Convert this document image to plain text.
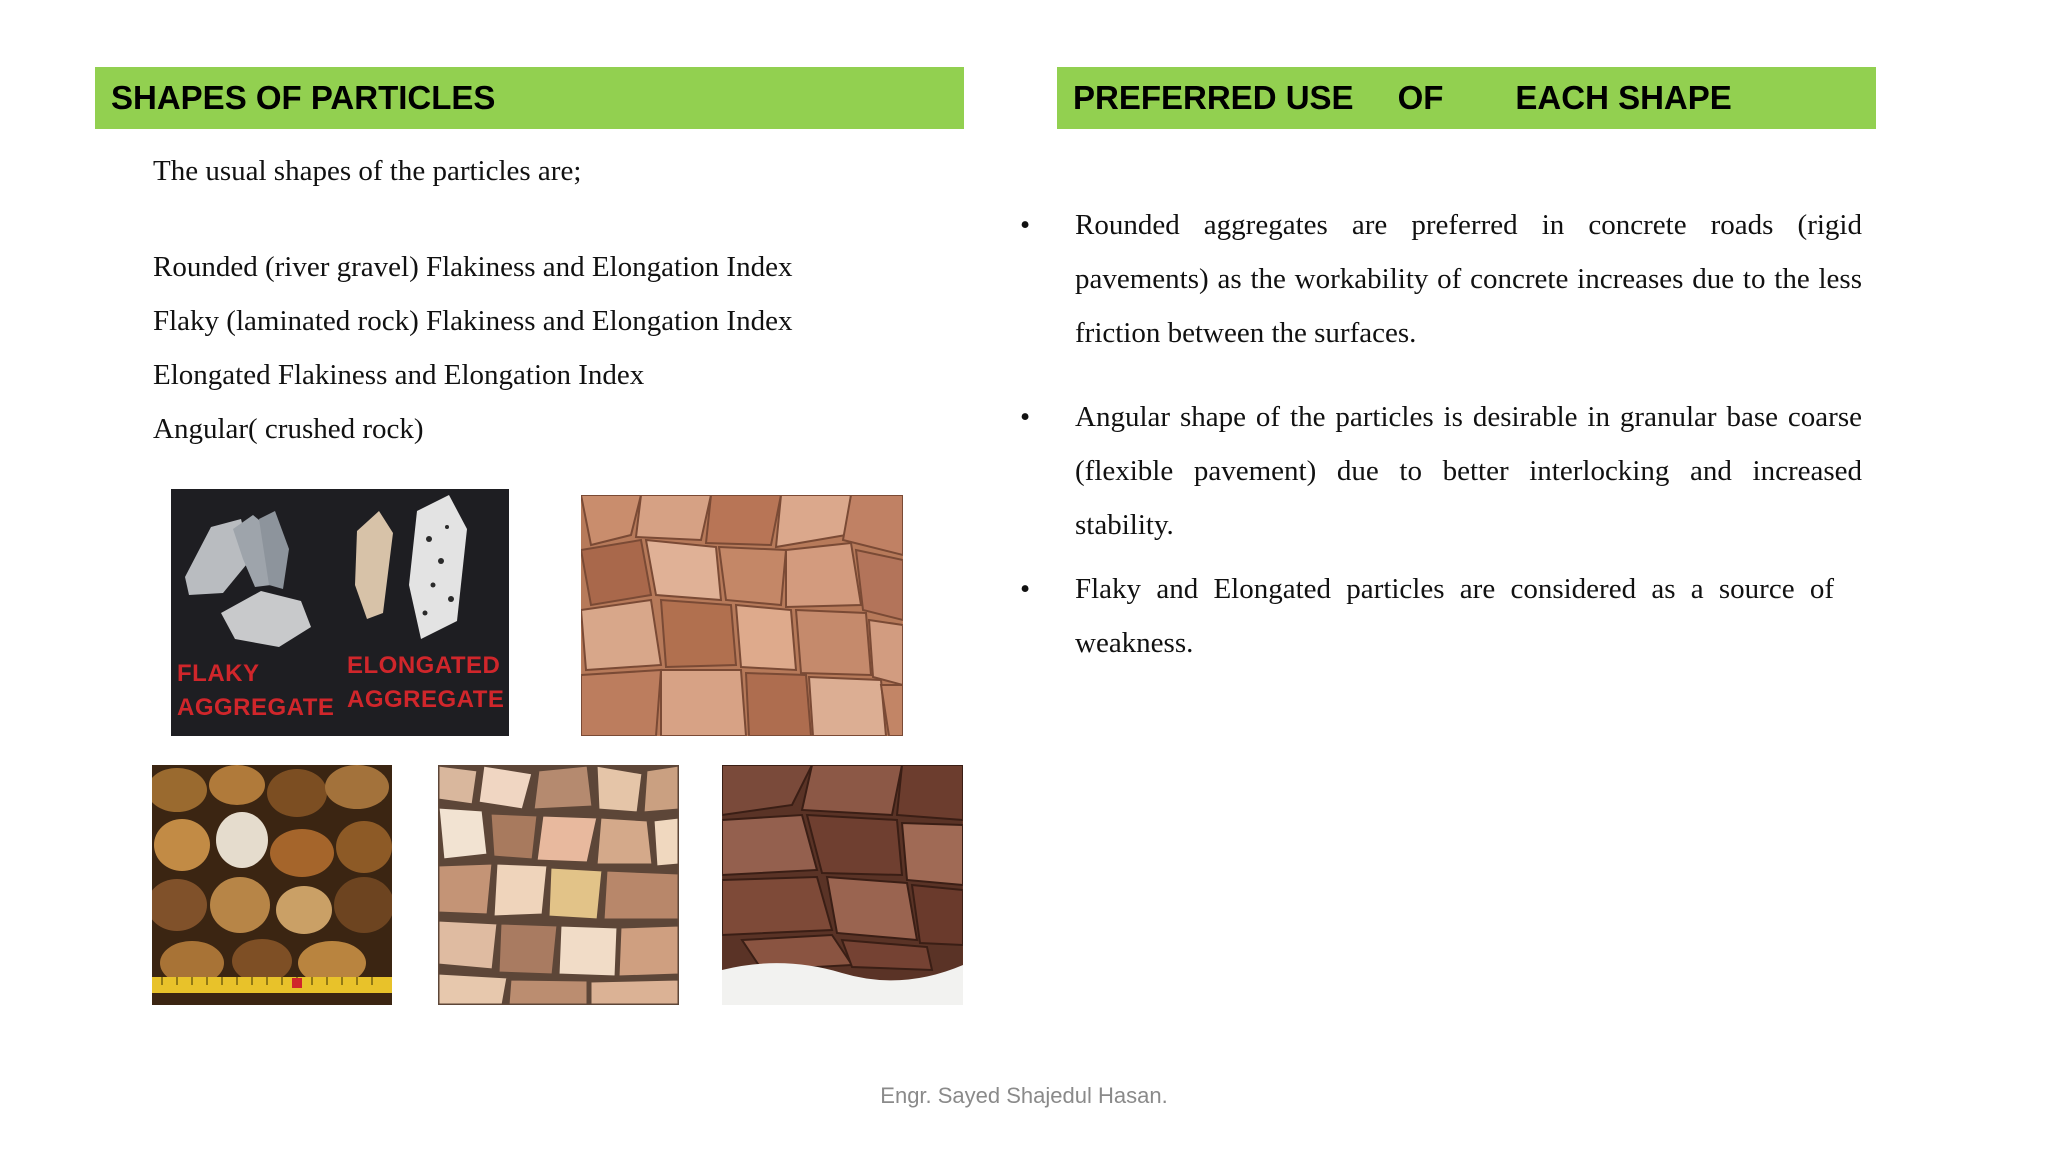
SHAPES OF PARTICLES	PREFERRED USE OF EACH SHAPE
The usual shapes of the particles are;
Rounded (river gravel) Flakiness and Elongation Index
Flaky (laminated rock) Flakiness and Elongation Index
Elongated Flakiness and Elongation Index
Angular( crushed rock)
FLAKY AGGREGATE
ELONGATED AGGREGATE
• Rounded aggregates are preferred in concrete roads (rigid pavements) as the workability of concrete increases due to the less friction between the surfaces.
• Angular shape of the particles is desirable in granular base coarse (flexible pavement) due to better interlocking and increased stability.
• Flaky and Elongated particles are considered as a source of weakness.
Engr. Sayed Shajedul Hasan.
